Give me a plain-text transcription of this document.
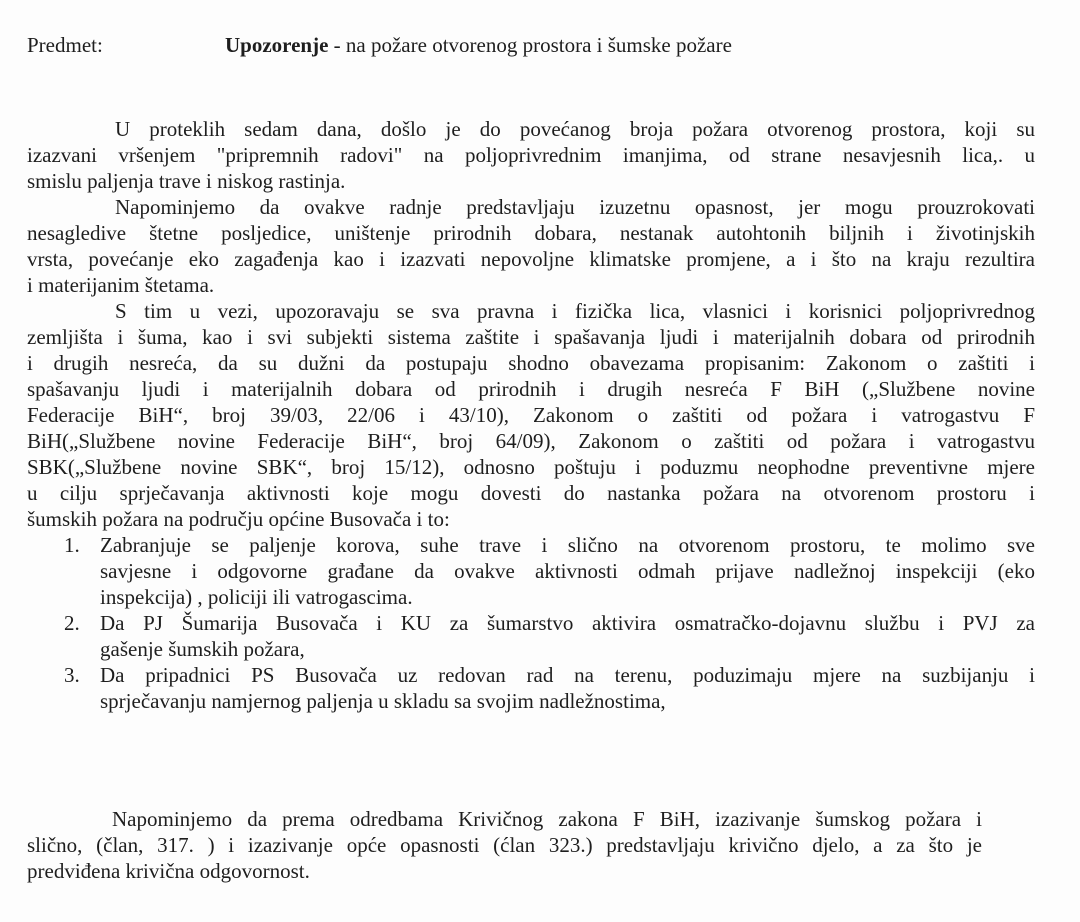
Predmet:	Upozorenje - na požare otvorenog prostora i šumske požare

U proteklih sedam dana, došlo je do povećanog broja požara otvorenog prostora, koji su
izazvani vršenjem "pripremnih radovi" na poljoprivrednim imanjima, od strane nesavjesnih lica,. u
smislu paljenja trave i niskog rastinja.

Napominjemo da ovakve radnje predstavljaju izuzetnu opasnost, jer mogu prouzrokovati
nesagledive štetne posljedice, uništenje prirodnih dobara, nestanak autohtonih biljnih i životinjskih
vrsta, povećanje eko zagađenja kao i izazvati nepovoljne klimatske promjene, a i što na kraju rezultira
i materijanim štetama.

S tim u vezi, upozoravaju se sva pravna i fizička lica, vlasnici i korisnici poljoprivrednog
zemljišta i šuma, kao i svi subjekti sistema zaštite i spašavanja ljudi i materijalnih dobara od prirodnih
i drugih nesreća, da su dužni da postupaju shodno obavezama propisanim: Zakonom o zaštiti i
spašavanju ljudi i materijalnih dobara od prirodnih i drugih nesreća F BiH („Službene novine
Federacije BiH“, broj 39/03, 22/06 i 43/10), Zakonom o zaštiti od požara i vatrogastvu F
BiH(„Službene novine Federacije BiH“, broj 64/09), Zakonom o zaštiti od požara i vatrogastvu
SBK(„Službene novine SBK“, broj 15/12), odnosno poštuju i poduzmu neophodne preventivne mjere
u cilju sprječavanja aktivnosti koje mogu dovesti do nastanka požara na otvorenom prostoru i
šumskih požara na području općine Busovača i to:

1. Zabranjuje se paljenje korova, suhe trave i slično na otvorenom prostoru, te molimo sve
savjesne i odgovorne građane da ovakve aktivnosti odmah prijave nadležnoj inspekciji (eko
inspekcija) , policiji ili vatrogascima.
2. Da PJ Šumarija Busovača i KU za šumarstvo aktivira osmatračko-dojavnu službu i PVJ za
gašenje šumskih požara,
3. Da pripadnici PS Busovača uz redovan rad na terenu, poduzimaju mjere na suzbijanju i
sprječavanju namjernog paljenja u skladu sa svojim nadležnostima,

Napominjemo da prema odredbama Krivičnog zakona F BiH, izazivanje šumskog požara i
slično, (član, 317. ) i izazivanje opće opasnosti (ćlan 323.) predstavljaju krivično djelo, a za što je
predviđena krivična odgovornost.
